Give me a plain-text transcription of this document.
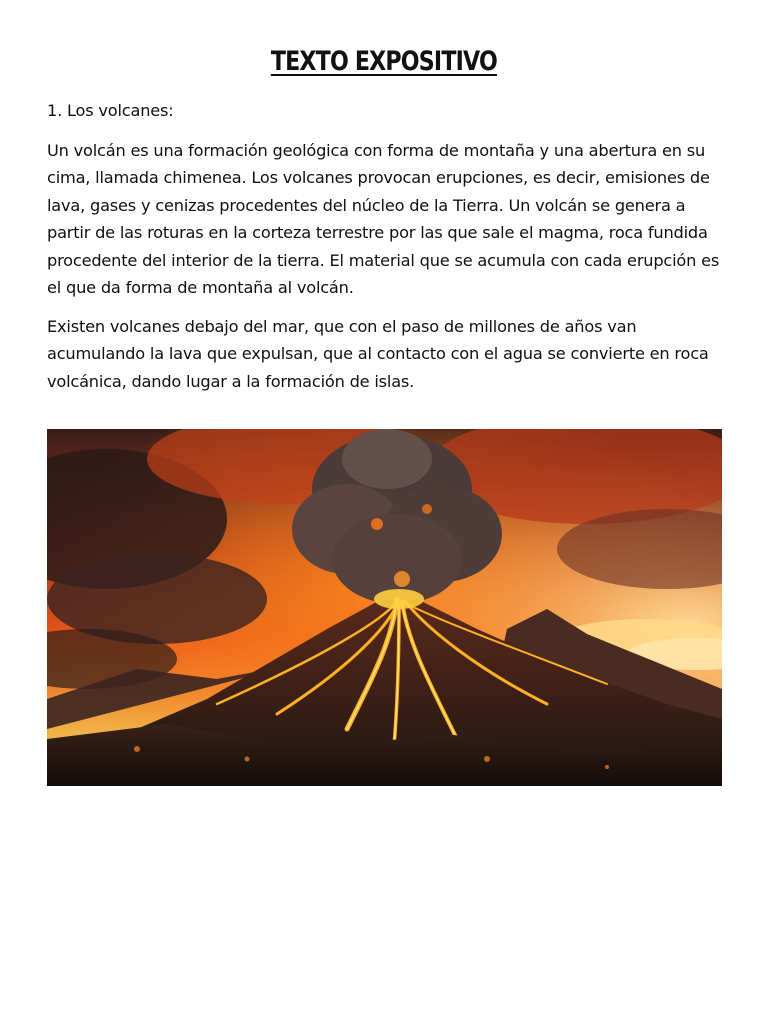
TEXTO EXPOSITIVO

1. Los volcanes:

Un volcán es una formación geológica con forma de montaña y una abertura en su cima, llamada chimenea. Los volcanes provocan erupciones, es decir, emisiones de lava, gases y cenizas procedentes del núcleo de la Tierra. Un volcán se genera a partir de las roturas en la corteza terrestre por las que sale el magma, roca fundida procedente del interior de la tierra. El material que se acumula con cada erupción es el que da forma de montaña al volcán.

Existen volcanes debajo del mar, que con el paso de millones de años van acumulando la lava que expulsan, que al contacto con el agua se convierte en roca volcánica, dando lugar a la formación de islas.
